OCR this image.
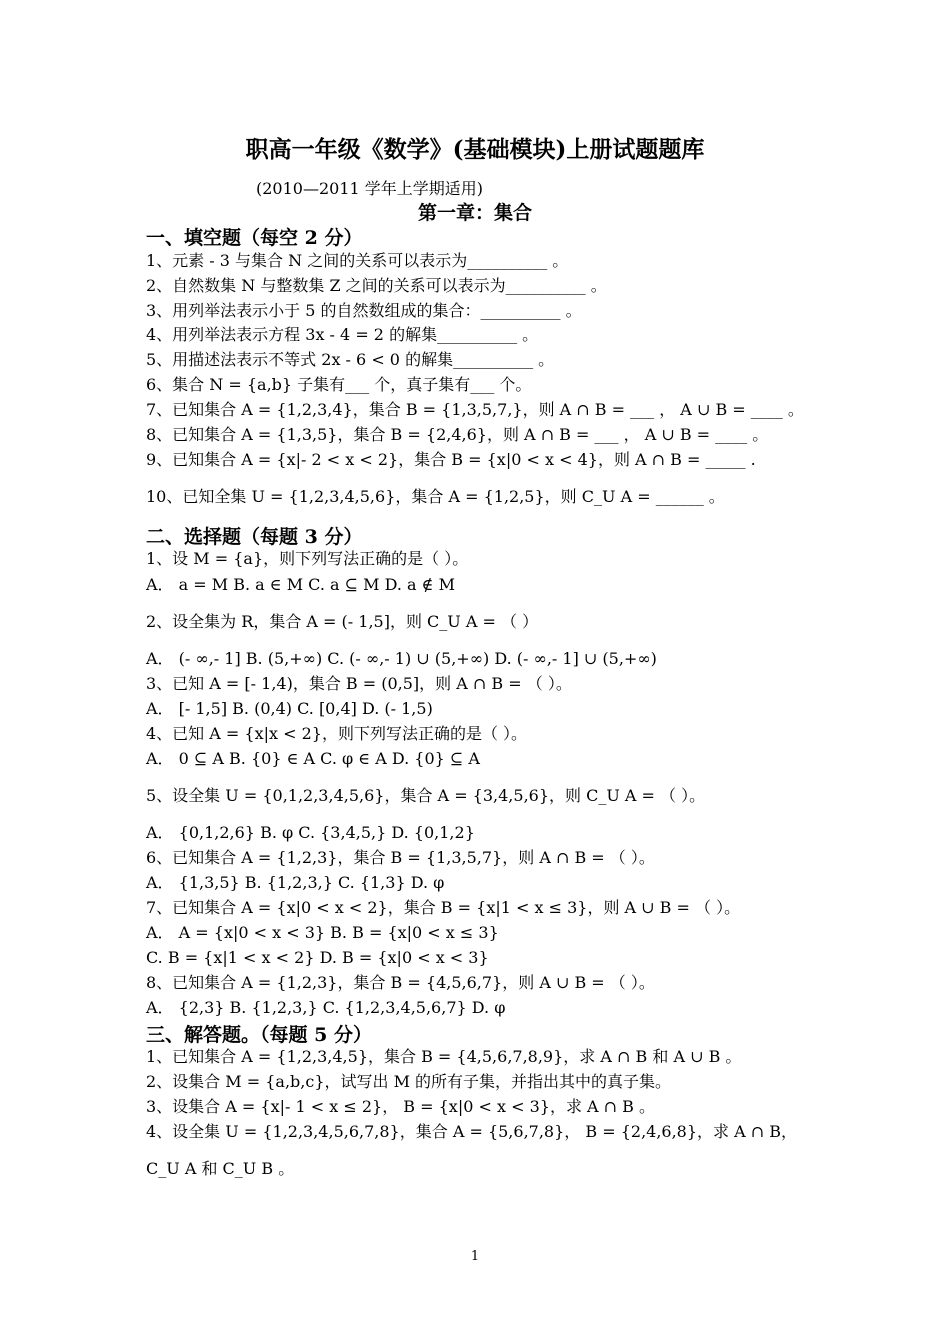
职高一年级《数学》(基础模块)上册试题题库
(2010—2011 学年上学期适用)
第一章：集合
一、填空题（每空 2 分）
1、元素 - 3 与集合 N 之间的关系可以表示为__________ 。
2、自然数集 N 与整数集 Z 之间的关系可以表示为__________ 。
3、用列举法表示小于 5 的自然数组成的集合：__________ 。
4、用列举法表示方程 3x - 4 = 2 的解集__________ 。
5、用描述法表示不等式 2x - 6 < 0 的解集__________ 。
6、集合 N = {a,b} 子集有___ 个，真子集有___ 个。
7、已知集合 A = {1,2,3,4}，集合 B = {1,3,5,7,}，则 A ∩ B = ___ ， A ∪ B = ____ 。
8、已知集合 A = {1,3,5}，集合 B = {2,4,6}，则 A ∩ B = ___ ， A ∪ B = ____ 。
9、已知集合 A = {x|- 2 < x < 2}，集合 B = {x|0 < x < 4}，则 A ∩ B = _____ .
10、已知全集 U = {1,2,3,4,5,6}，集合 A = {1,2,5}，则 C_U A = ______ 。
二、选择题（每题 3 分）
1、设 M = {a}，则下列写法正确的是（ ）。
A． a = M B. a ∈ M C. a ⊆ M D. a ∉ M
2、设全集为 R，集合 A = (- 1,5]，则 C_U A = （ ）
A． (- ∞,- 1] B. (5,+∞) C. (- ∞,- 1) ∪ (5,+∞) D. (- ∞,- 1] ∪ (5,+∞)
3、已知 A = [- 1,4)，集合 B = (0,5]，则 A ∩ B = （ ）。
A． [- 1,5] B. (0,4) C. [0,4] D. (- 1,5)
4、已知 A = {x|x < 2}，则下列写法正确的是（ ）。
A． 0 ⊆ A B. {0} ∈ A C. φ ∈ A D. {0} ⊆ A
5、设全集 U = {0,1,2,3,4,5,6}，集合 A = {3,4,5,6}，则 C_U A = （ ）。
A． {0,1,2,6} B. φ C. {3,4,5,} D. {0,1,2}
6、已知集合 A = {1,2,3}，集合 B = {1,3,5,7}，则 A ∩ B = （ ）。
A． {1,3,5} B. {1,2,3,} C. {1,3} D. φ
7、已知集合 A = {x|0 < x < 2}，集合 B = {x|1 < x ≤ 3}，则 A ∪ B = （ ）。
A． A = {x|0 < x < 3} B. B = {x|0 < x ≤ 3}
C. B = {x|1 < x < 2} D. B = {x|0 < x < 3}
8、已知集合 A = {1,2,3}，集合 B = {4,5,6,7}，则 A ∪ B = （ ）。
A． {2,3} B. {1,2,3,} C. {1,2,3,4,5,6,7} D. φ
三、解答题。（每题 5 分）
1、已知集合 A = {1,2,3,4,5}，集合 B = {4,5,6,7,8,9}，求 A ∩ B 和 A ∪ B 。
2、设集合 M = {a,b,c}，试写出 M 的所有子集，并指出其中的真子集。
3、设集合 A = {x|- 1 < x ≤ 2}， B = {x|0 < x < 3}，求 A ∩ B 。
4、设全集 U = {1,2,3,4,5,6,7,8}，集合 A = {5,6,7,8}， B = {2,4,6,8}，求 A ∩ B，
C_U A 和 C_U B 。
1
